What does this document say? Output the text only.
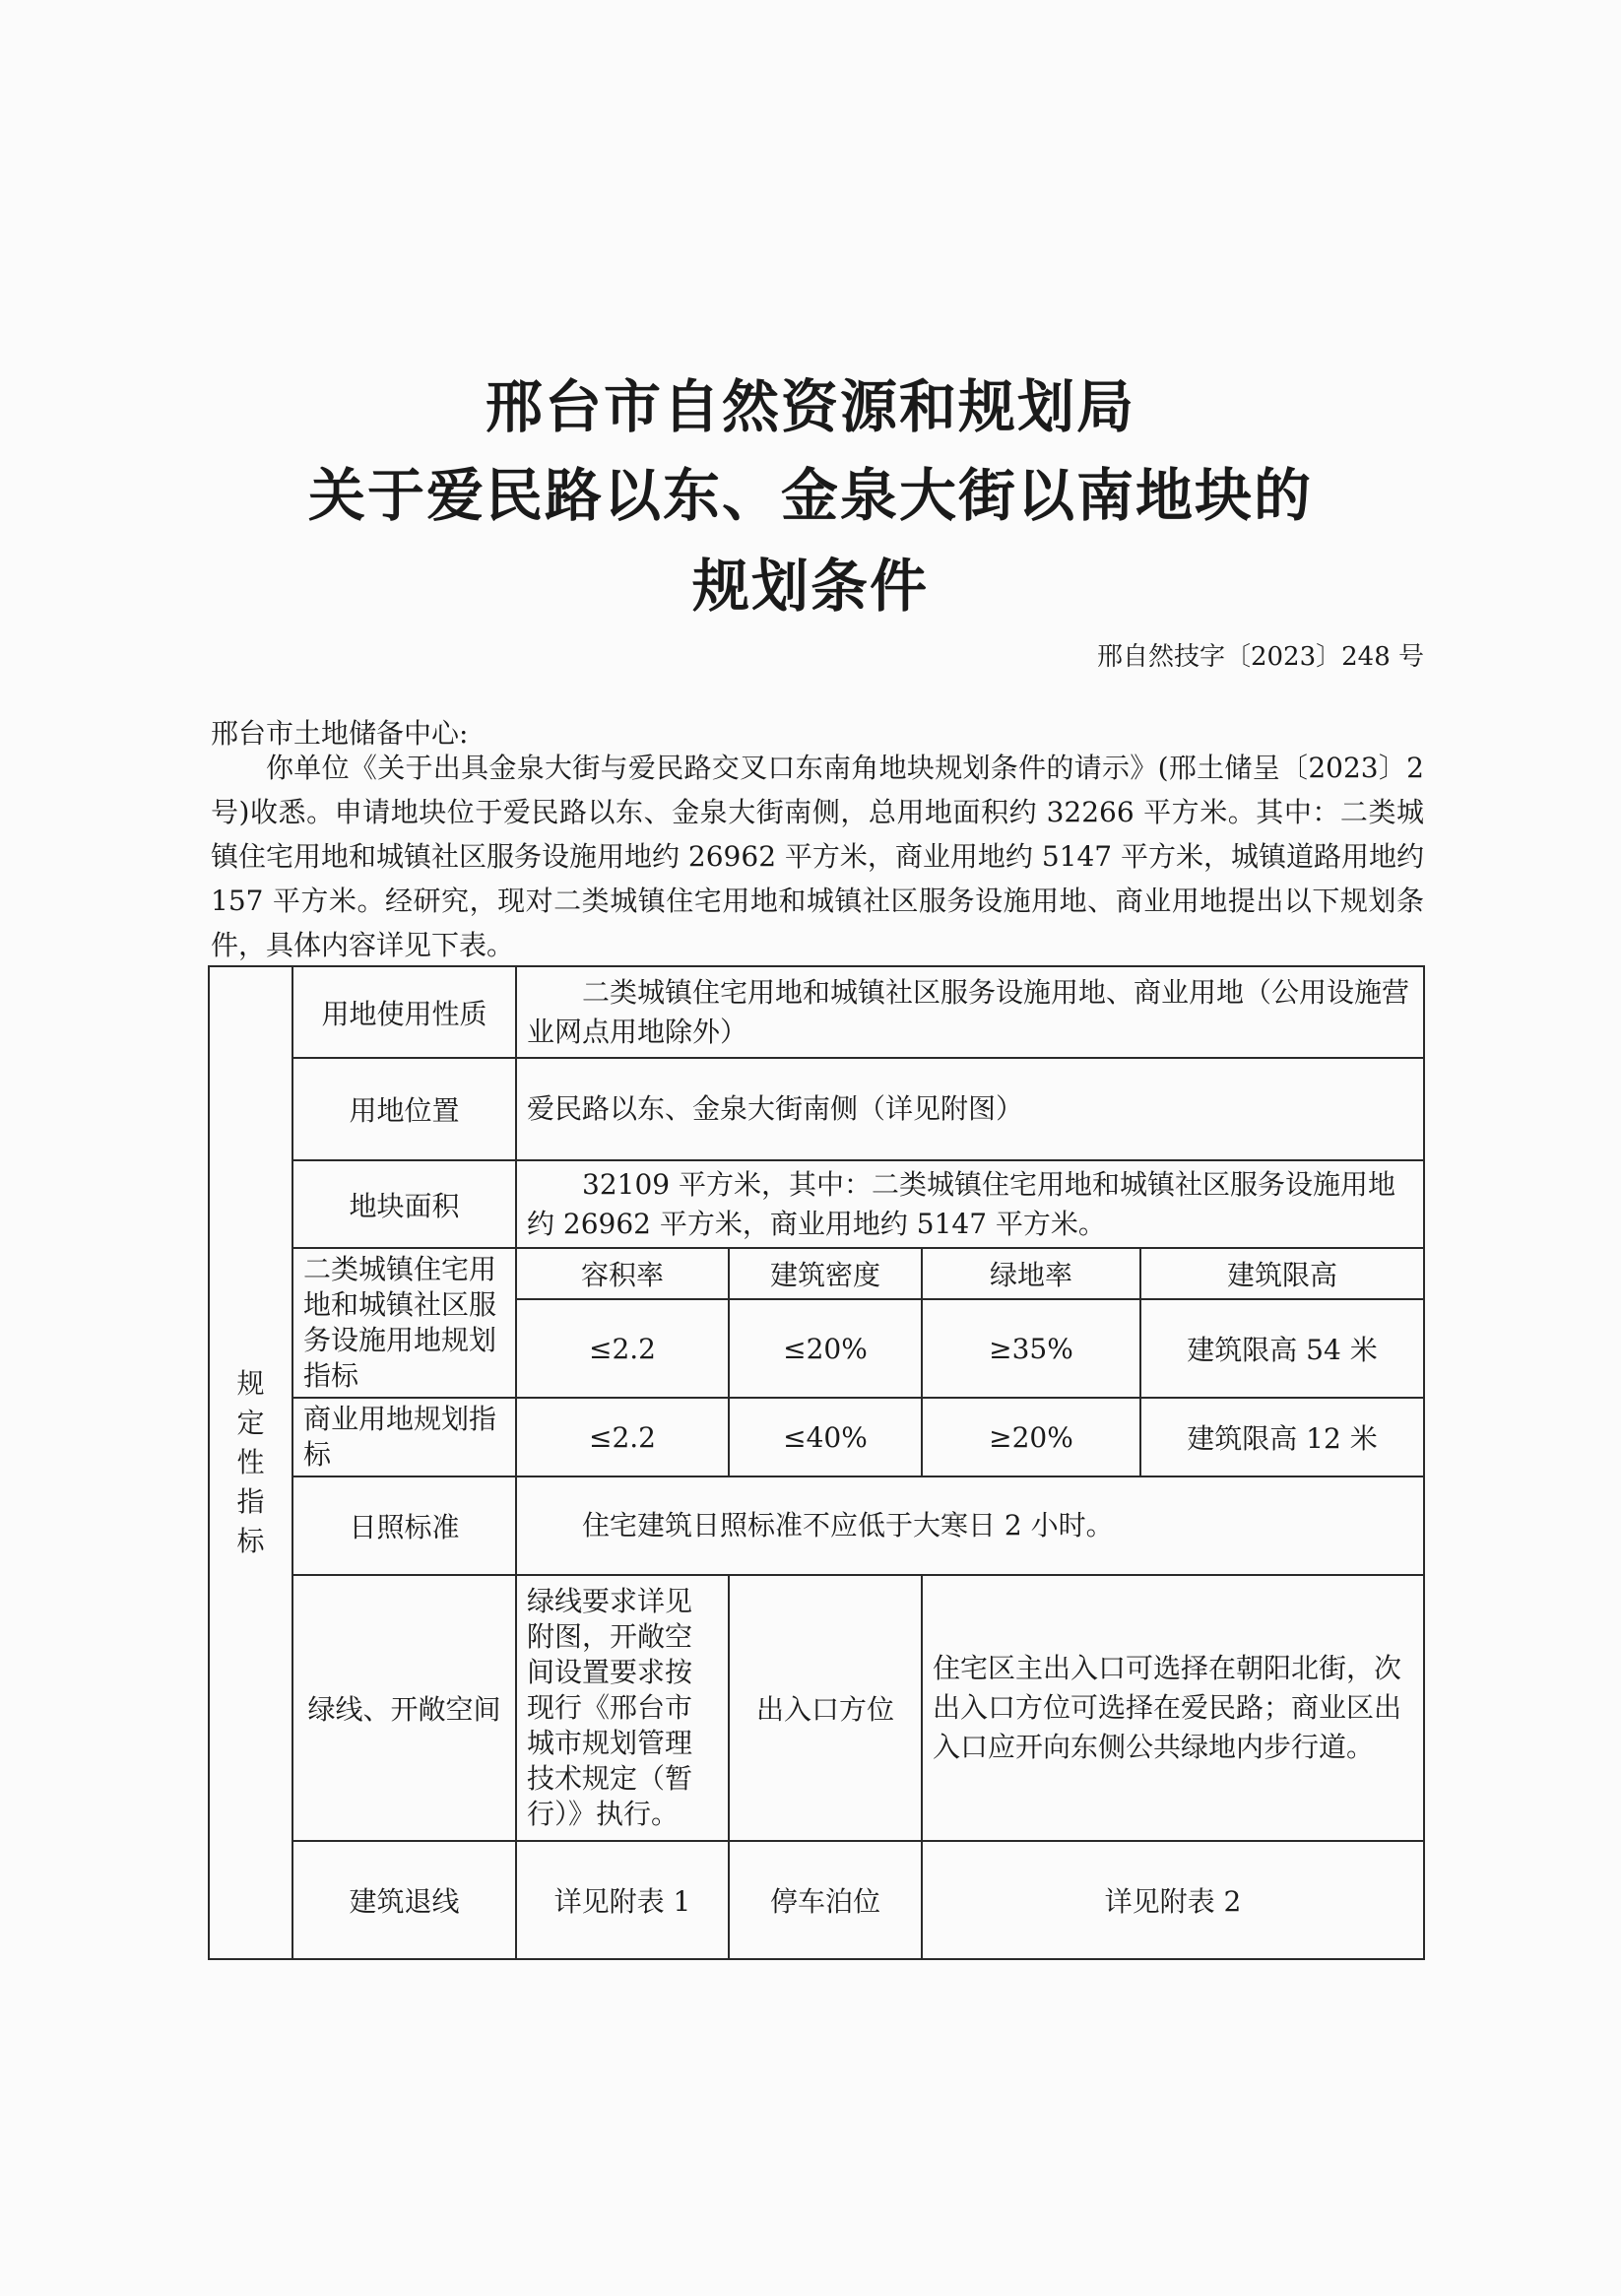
邢台市自然资源和规划局
关于爱民路以东、金泉大街以南地块的
规划条件
邢自然技字〔2023〕248 号
邢台市土地储备中心:

你单位《关于出具金泉大街与爱民路交叉口东南角地块规划条件的请示》(邢土储呈〔2023〕2 号)收悉。申请地块位于爱民路以东、金泉大街南侧，总用地面积约 32266 平方米。其中：二类城镇住宅用地和城镇社区服务设施用地约 26962 平方米，商业用地约 5147 平方米，城镇道路用地约 157 平方米。经研究，现对二类城镇住宅用地和城镇社区服务设施用地、商业用地提出以下规划条件，具体内容详见下表。

规定性指标	用地使用性质	二类城镇住宅用地和城镇社区服务设施用地、商业用地（公用设施营业网点用地除外）			

	用地位置	爱民路以东、金泉大街南侧（详见附图）			
	地块面积	32109 平方米，其中：二类城镇住宅用地和城镇社区服务设施用地约 26962 平方米，商业用地约 5147 平方米。			

	二类城镇住宅用地和城镇社区服务设施用地规划指标	容积率	建筑密度	绿地率	建筑限高
		≤2.2	≤20%	≥35%	建筑限高 54 米
	商业用地规划指标	≤2.2	≤40%	≥20%	建筑限高 12 米
	日照标准	住宅建筑日照标准不应低于大寒日 2 小时。			

	绿线、开敞空间	绿线要求详见附图，开敞空间设置要求按现行《邢台市城市规划管理技术规定（暂行）》执行。	出入口方位	住宅区主出入口可选择在朝阳北街，次出入口方位可选择在爱民路；商业区出入口应开向东侧公共绿地内步行道。	
	建筑退线	详见附表 1	停车泊位	详见附表 2	
